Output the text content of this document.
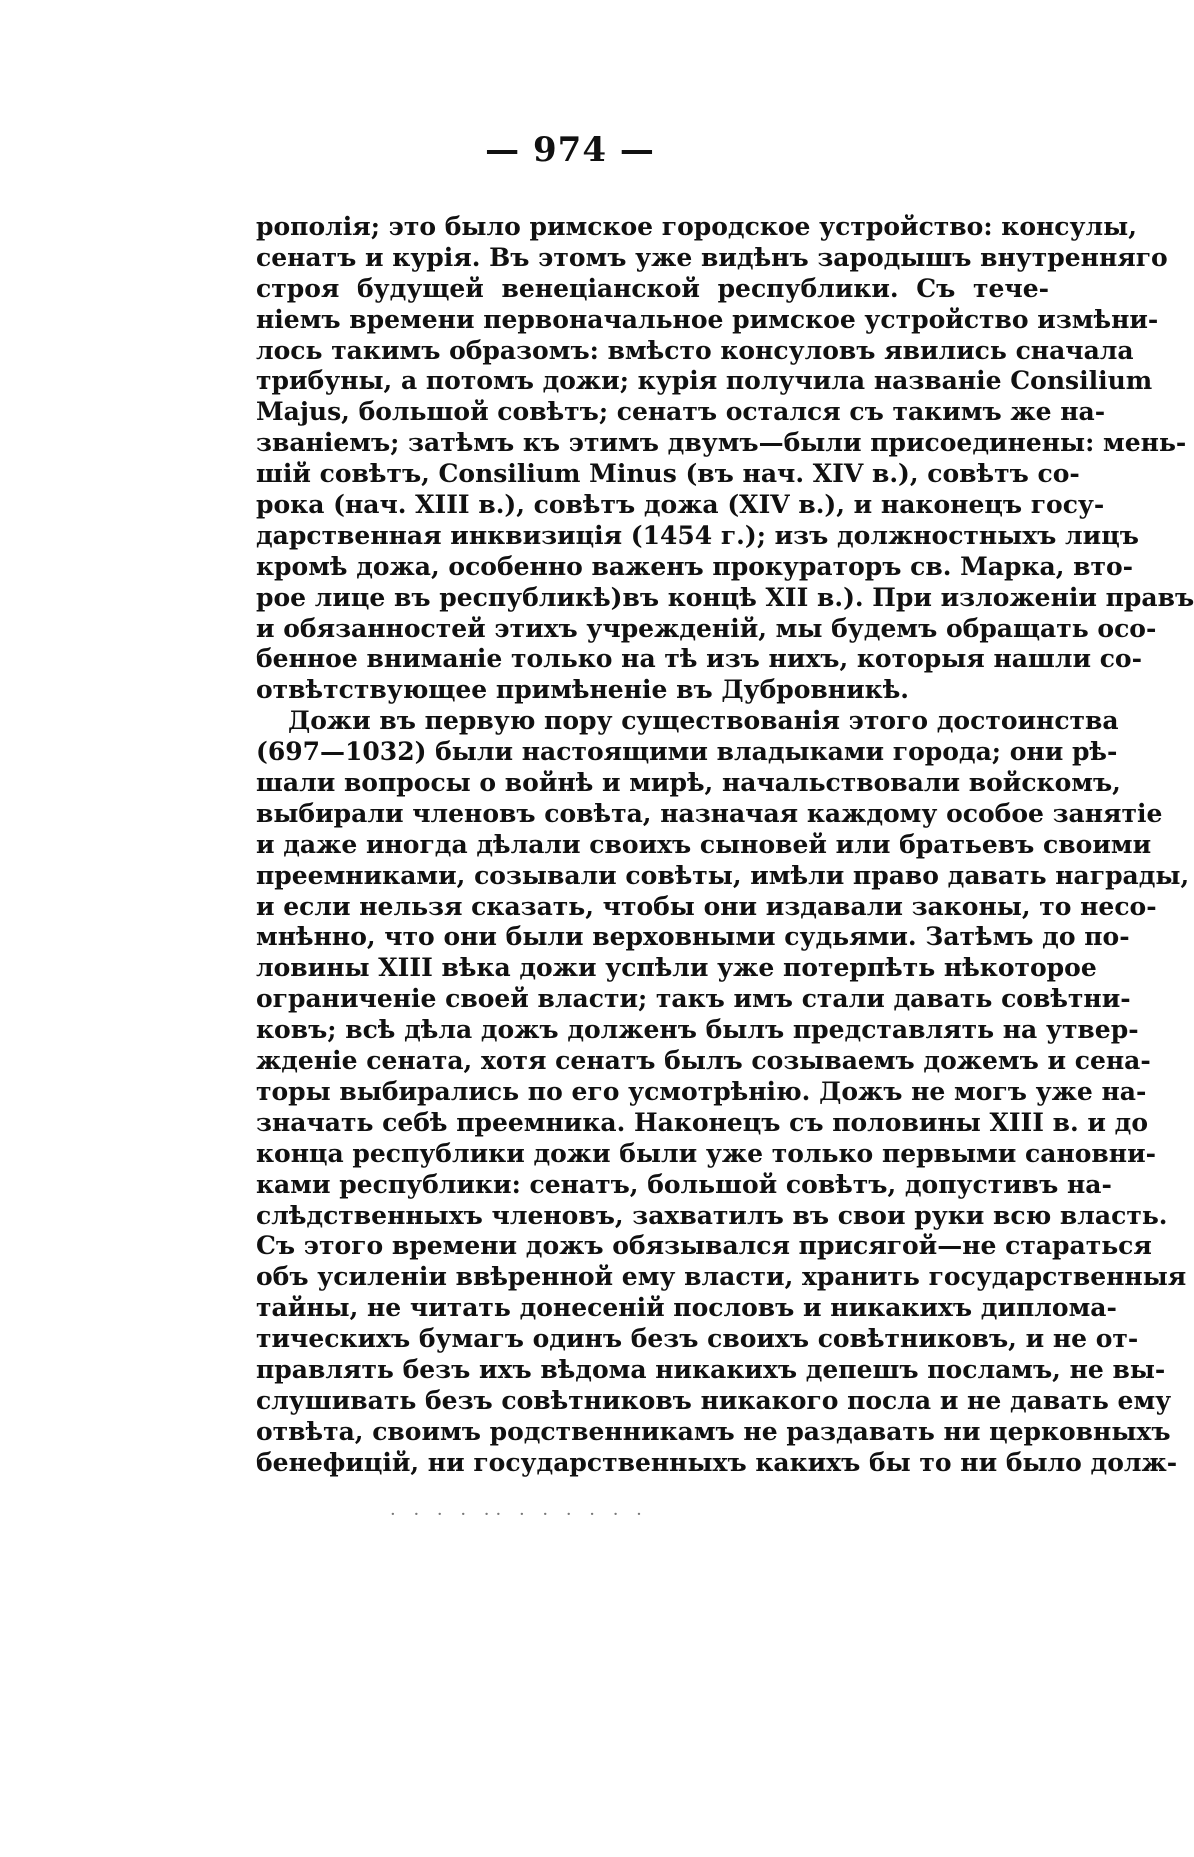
— 974 —
рополія; это было римское городское устройство: консулы,
сенатъ и курія. Въ этомъ уже видѣнъ зародышъ внутренняго
строя будущей венеціанской республики. Съ тече-
ніемъ времени первоначальное римское устройство измѣни-
лось такимъ образомъ: вмѣсто консуловъ явились сначала
трибуны, а потомъ дожи; курія получила названіе Consilium
Majus, большой совѣтъ; сенатъ остался съ такимъ же на-
званіемъ; затѣмъ къ этимъ двумъ—были присоединены: мень-
шій совѣтъ, Consilium Minus (въ нач. XIV в.), совѣтъ со-
рока (нач. XIII в.), совѣтъ дожа (XIV в.), и наконецъ госу-
дарственная инквизиція (1454 г.); изъ должностныхъ лицъ
кромѣ дожа, особенно важенъ прокураторъ св. Марка, вто-
рое лице въ республикѣ)въ концѣ XII в.). При изложеніи правъ
и обязанностей этихъ учрежденій, мы будемъ обращать осо-
бенное вниманіе только на тѣ изъ нихъ, которыя нашли со-
отвѣтствующее примѣненіе въ Дубровникѣ.
Дожи въ первую пору существованія этого достоинства
(697—1032) были настоящими владыками города; они рѣ-
шали вопросы о войнѣ и мирѣ, начальствовали войскомъ,
выбирали членовъ совѣта, назначая каждому особое занятіе
и даже иногда дѣлали своихъ сыновей или братьевъ своими
преемниками, созывали совѣты, имѣли право давать награды,
и если нельзя сказать, чтобы они издавали законы, то несо-
мнѣнно, что они были верховными судьями. Затѣмъ до по-
ловины XIII вѣка дожи успѣли уже потерпѣть нѣкоторое
ограниченіе своей власти; такъ имъ стали давать совѣтни-
ковъ; всѣ дѣла дожъ долженъ былъ представлять на утвер-
жденіе сената, хотя сенатъ былъ созываемъ дожемъ и сена-
торы выбирались по его усмотрѣнію. Дожъ не могъ уже на-
значать себѣ преемника. Наконецъ съ половины XIII в. и до
конца республики дожи были уже только первыми сановни-
ками республики: сенатъ, большой совѣтъ, допустивъ на-
слѣдственныхъ членовъ, захватилъ въ свои руки всю власть.
Съ этого времени дожъ обязывался присягой—не стараться
объ усиленіи ввѣренной ему власти, хранить государственныя
тайны, не читать донесеній пословъ и никакихъ диплома-
тическихъ бумагъ одинъ безъ своихъ совѣтниковъ, и не от-
правлять безъ ихъ вѣдома никакихъ депешъ посламъ, не вы-
слушивать безъ совѣтниковъ никакого посла и не давать ему
отвѣта, своимъ родственникамъ не раздавать ни церковныхъ
бенефицій, ни государственныхъ какихъ бы то ни было долж-
· · · · ·· · · · · · ·
